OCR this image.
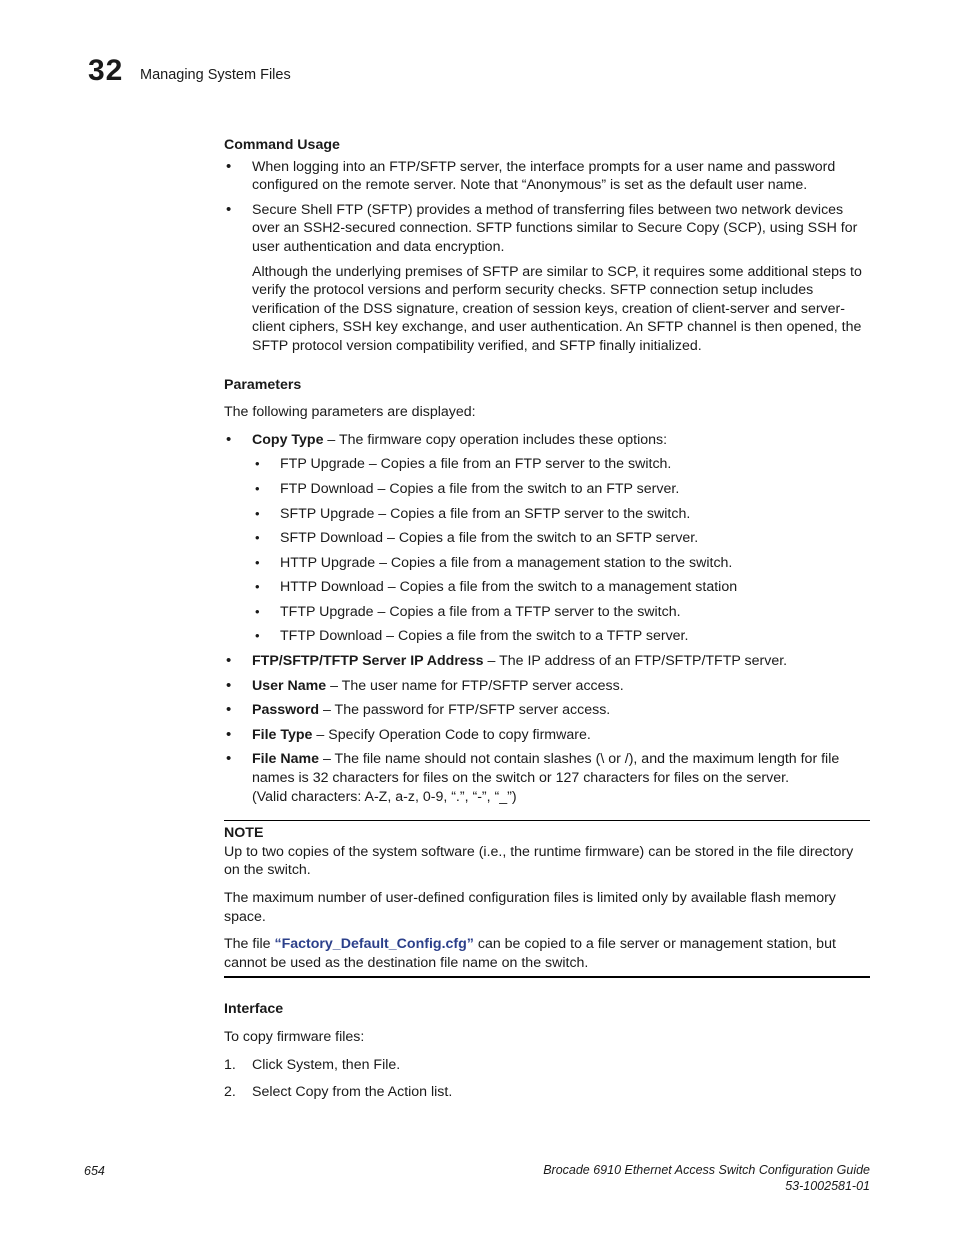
32 Managing System Files
Command Usage
• When logging into an FTP/SFTP server, the interface prompts for a user name and password configured on the remote server. Note that “Anonymous” is set as the default user name.
• Secure Shell FTP (SFTP) provides a method of transferring files between two network devices over an SSH2-secured connection. SFTP functions similar to Secure Copy (SCP), using SSH for user authentication and data encryption.

Although the underlying premises of SFTP are similar to SCP, it requires some additional steps to verify the protocol versions and perform security checks. SFTP connection setup includes verification of the DSS signature, creation of session keys, creation of client-server and server-client ciphers, SSH key exchange, and user authentication. An SFTP channel is then opened, the SFTP protocol version compatibility verified, and SFTP finally initialized.

Parameters

The following parameters are displayed:

• Copy Type – The firmware copy operation includes these options:
• FTP Upgrade – Copies a file from an FTP server to the switch.
• FTP Download – Copies a file from the switch to an FTP server.
• SFTP Upgrade – Copies a file from an SFTP server to the switch.
• SFTP Download – Copies a file from the switch to an SFTP server.
• HTTP Upgrade – Copies a file from a management station to the switch.
• HTTP Download – Copies a file from the switch to a management station
• TFTP Upgrade – Copies a file from a TFTP server to the switch.
• TFTP Download – Copies a file from the switch to a TFTP server.
• FTP/SFTP/TFTP Server IP Address – The IP address of an FTP/SFTP/TFTP server.
• User Name – The user name for FTP/SFTP server access.
• Password – The password for FTP/SFTP server access.
• File Type – Specify Operation Code to copy firmware.
• File Name – The file name should not contain slashes (\ or /), and the maximum length for file names is 32 characters for files on the switch or 127 characters for files on the server.
(Valid characters: A-Z, a-z, 0-9, “.”, “-”, “_”)
NOTE

Up to two copies of the system software (i.e., the runtime firmware) can be stored in the file directory on the switch.

The maximum number of user-defined configuration files is limited only by available flash memory space.

The file “Factory_Default_Config.cfg” can be copied to a file server or management station, but cannot be used as the destination file name on the switch.

Interface

To copy firmware files:

1. Click System, then File.
2. Select Copy from the Action list.
654	Brocade 6910 Ethernet Access Switch Configuration Guide
53-1002581-01
